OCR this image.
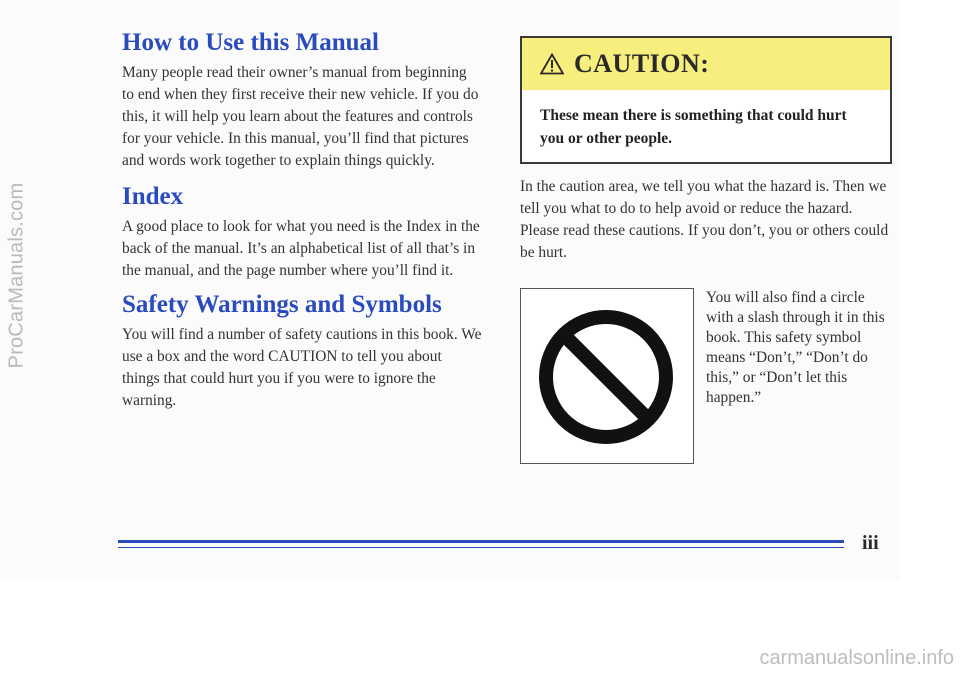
ProCarManuals.com
How to Use this Manual

Many people read their owner’s manual from beginning to end when they first receive their new vehicle. If you do this, it will help you learn about the features and controls for your vehicle. In this manual, you’ll find that pictures and words work together to explain things quickly.

Index

A good place to look for what you need is the Index in the back of the manual. It’s an alphabetical list of all that’s in the manual, and the page number where you’ll find it.

Safety Warnings and Symbols

You will find a number of safety cautions in this book. We use a box and the word CAUTION to tell you about things that could hurt you if you were to ignore the warning.

CAUTION:
These mean there is something that could hurt you or other people.
In the caution area, we tell you what the hazard is. Then we tell you what to do to help avoid or reduce the hazard. Please read these cautions. If you don’t, you or others could be hurt.
You will also find a circle with a slash through it in this book. This safety symbol means “Don’t,” “Don’t do this,” or “Don’t let this happen.”
iii
carmanualsonline.info
